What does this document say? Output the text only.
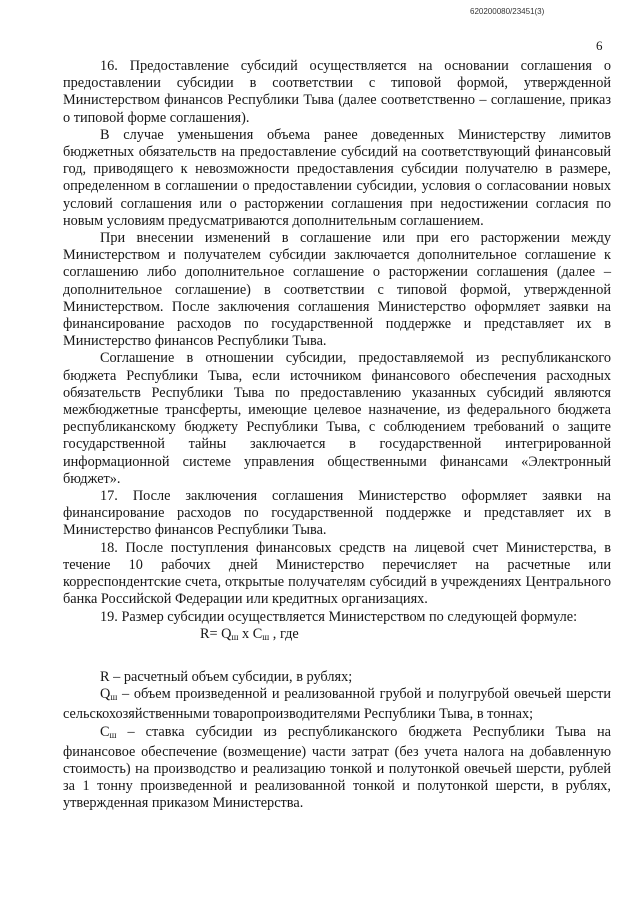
620200080/23451(3)
6

16. Предоставление субсидий осуществляется на основании соглашения о предоставлении субсидии в соответствии с типовой формой, утвержденной Министерством финансов Республики Тыва (далее соответственно – соглашение, приказ о типовой форме соглашения).

В случае уменьшения объема ранее доведенных Министерству лимитов бюджетных обязательств на предоставление субсидий на соответствующий финансовый год, приводящего к невозможности предоставления субсидии получателю в размере, определенном в соглашении о предоставлении субсидии, условия о согласовании новых условий соглашения или о расторжении соглашения при недостижении согласия по новым условиям предусматриваются дополнительным соглашением.

При внесении изменений в соглашение или при его расторжении между Министерством и получателем субсидии заключается дополнительное соглашение к соглашению либо дополнительное соглашение о расторжении соглашения (далее – дополнительное соглашение) в соответствии с типовой формой, утвержденной Министерством. После заключения соглашения Министерство оформляет заявки на финансирование расходов по государственной поддержке и представляет их в Министерство финансов Республики Тыва.

Соглашение в отношении субсидии, предоставляемой из республиканского бюджета Республики Тыва, если источником финансового обеспечения расходных обязательств Республики Тыва по предоставлению указанных субсидий являются межбюджетные трансферты, имеющие целевое назначение, из федерального бюджета республиканскому бюджету Республики Тыва, с соблюдением требований о защите государственной тайны заключается в государственной интегрированной информационной системе управления общественными финансами «Электронный бюджет».

17. После заключения соглашения Министерство оформляет заявки на финансирование расходов по государственной поддержке и представляет их в Министерство финансов Республики Тыва.

18. После поступления финансовых средств на лицевой счет Министерства, в течение 10 рабочих дней Министерство перечисляет на расчетные или корреспондентские счета, открытые получателям субсидий в учреждениях Центрального банка Российской Федерации или кредитных организациях.

19. Размер субсидии осуществляется Министерством по следующей формуле:

$R= Q_ш$ x $C_ш$ , где

R – расчетный объем субсидии, в рублях;

$Q_ш$ – объем произведенной и реализованной грубой и полугрубой овечьей шерсти сельскохозяйственными товаропроизводителями Республики Тыва, в тоннах;

$C_ш$ – ставка субсидии из республиканского бюджета Республики Тыва на финансовое обеспечение (возмещение) части затрат (без учета налога на добавленную стоимость) на производство и реализацию тонкой и полутонкой овечьей шерсти, рублей за 1 тонну произведенной и реализованной тонкой и полутонкой шерсти, в рублях, утвержденная приказом Министерства.
